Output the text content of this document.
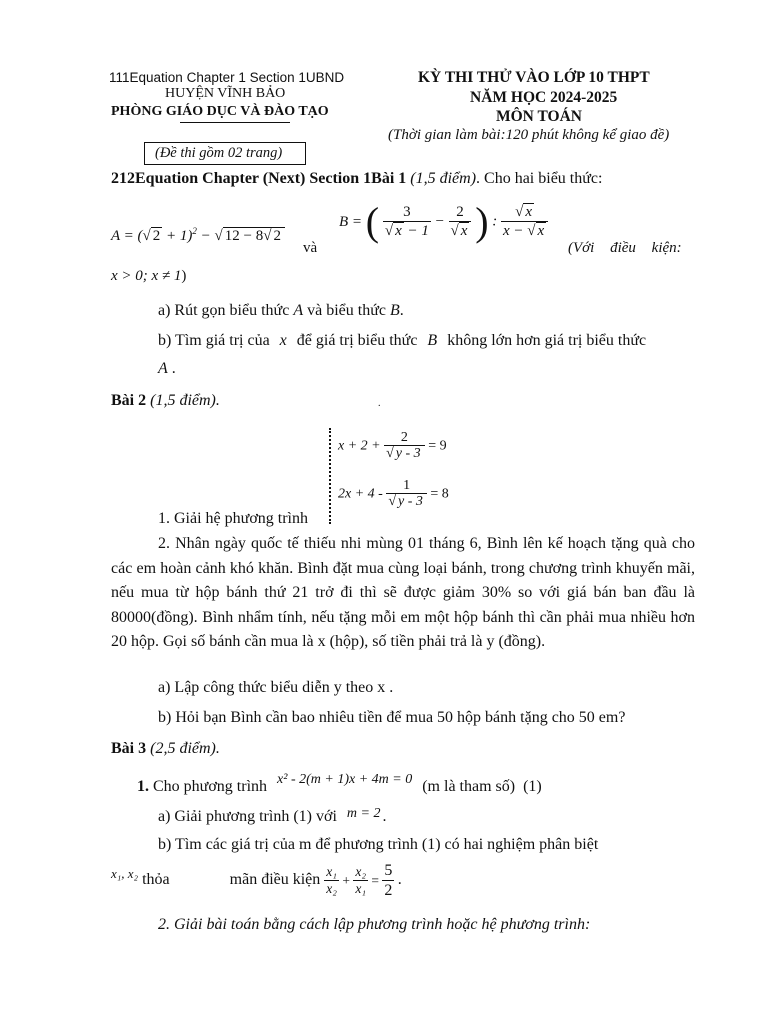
111Equation Chapter 1 Section 1UBND
HUYỆN VĨNH BẢO
PHÒNG GIÁO DỤC VÀ ĐÀO TẠO
KỲ THI THỬ VÀO LỚP 10 THPT
NĂM HỌC 2024-2025
MÔN TOÁN
(Thời gian làm bài:120 phút không kể giao đề)
(Đề thi gồm 02 trang)
212Equation Chapter (Next) Section 1Bài 1 (1,5 điểm). Cho hai biểu thức:
A = (√ 2 + 1)$^2$ − √ 12 − 8√ 2
và
B = ( $\frac{3}{√ x - 1} - \frac{2}{√ x}$ ) : $\frac{√ x}{x - √ x}$
(Với điều kiện:
x > 0; x ≠ 1)
a) Rút gọn biểu thức A và biểu thức B.
b) Tìm giá trị của x để giá trị biểu thức B không lớn hơn giá trị biểu thức
A .
Bài 2 (1,5 điểm).	.
$x + 2 + \frac{2}{√ y - 3} = 9$
$2x + 4 - \frac{1}{√ y - 3} = 8$
1. Giải hệ phương trình
2. Nhân ngày quốc tế thiếu nhi mùng 01 tháng 6, Bình lên kế hoạch tặng quà cho các em hoàn cảnh khó khăn. Bình đặt mua cùng loại bánh, trong chương trình khuyến mãi, nếu mua từ hộp bánh thứ 21 trở đi thì sẽ được giảm 30% so với giá bán ban đầu là 80000(đồng). Bình nhẩm tính, nếu tặng mỗi em một hộp bánh thì cần phải mua nhiều hơn 20 hộp. Gọi số bánh cần mua là x (hộp), số tiền phải trả là y (đồng).
a) Lập công thức biểu diễn y theo x .
b) Hỏi bạn Bình cần bao nhiêu tiền để mua 50 hộp bánh tặng cho 50 em?
Bài 3 (2,5 điểm).
1. Cho phương trình x² - 2(m + 1)x + 4m = 0 (m là tham số) (1)
a) Giải phương trình (1) với m = 2 .
b) Tìm các giá trị của m để phương trình (1) có hai nghiệm phân biệt
$^{x_1, x_2}$ thỏa	mãn điều kiện $\frac{\text{x₁}}{\text{x₂}} + \frac{\text{x₂}}{\text{x₁}} = \frac{5}{2}$ .
2. Giải bài toán bằng cách lập phương trình hoặc hệ phương trình:
